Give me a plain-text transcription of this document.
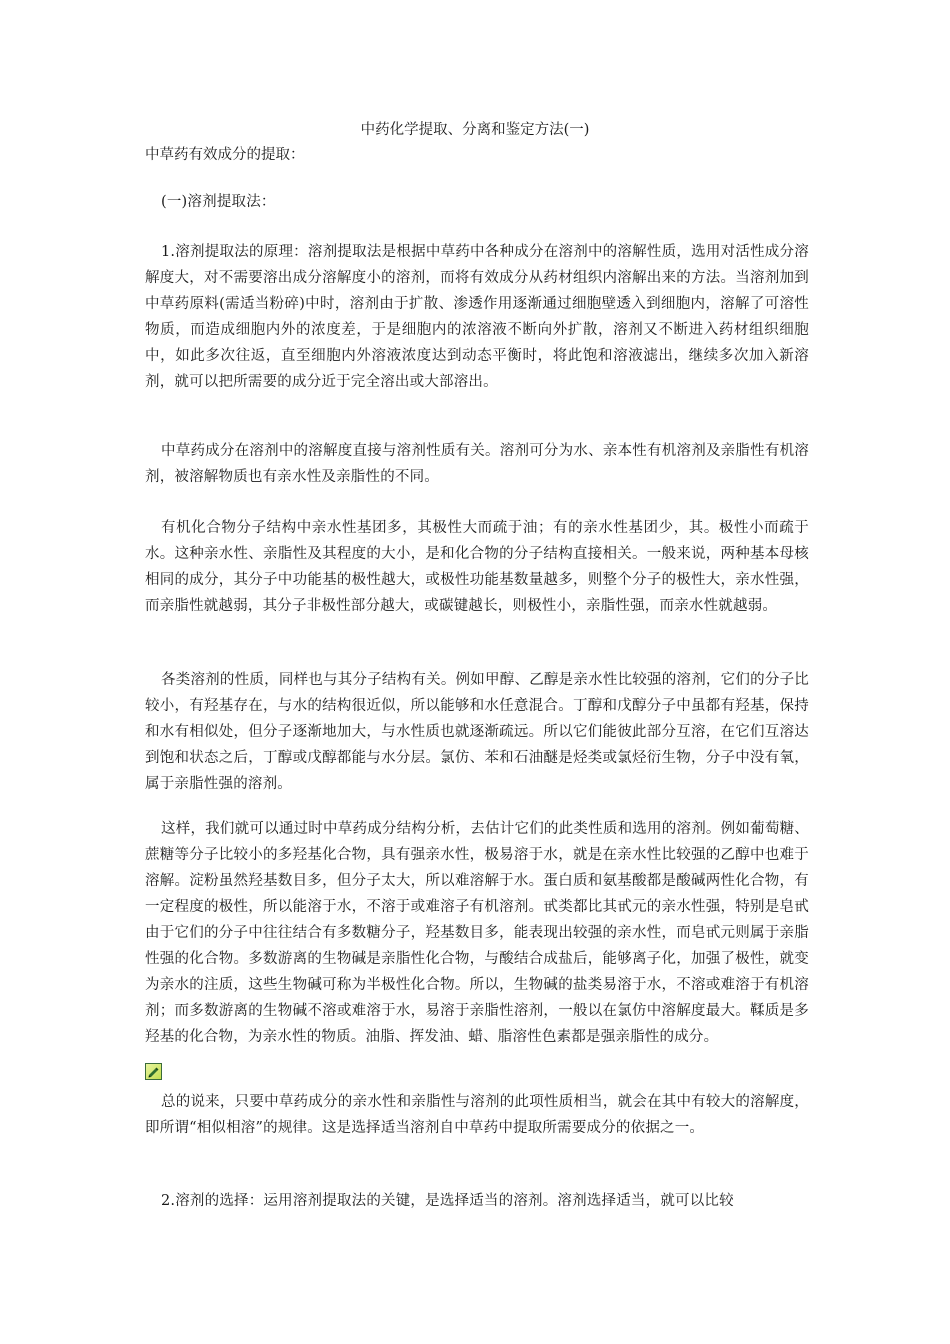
中药化学提取、分离和鉴定方法(一)
中草药有效成分的提取：

(一)溶剂提取法：

1.溶剂提取法的原理：溶剂提取法是根据中草药中各种成分在溶剂中的溶解性质，选用对活性成分溶解度大，对不需要溶出成分溶解度小的溶剂，而将有效成分从药材组织内溶解出来的方法。当溶剂加到中草药原料(需适当粉碎)中时，溶剂由于扩散、渗透作用逐渐通过细胞壁透入到细胞内，溶解了可溶性物质，而造成细胞内外的浓度差，于是细胞内的浓溶液不断向外扩散，溶剂又不断进入药材组织细胞中，如此多次往返，直至细胞内外溶液浓度达到动态平衡时，将此饱和溶液滤出，继续多次加入新溶剂，就可以把所需要的成分近于完全溶出或大部溶出。

中草药成分在溶剂中的溶解度直接与溶剂性质有关。溶剂可分为水、亲本性有机溶剂及亲脂性有机溶剂，被溶解物质也有亲水性及亲脂性的不同。

有机化合物分子结构中亲水性基团多，其极性大而疏于油；有的亲水性基团少，其。极性小而疏于水。这种亲水性、亲脂性及其程度的大小，是和化合物的分子结构直接相关。一般来说，两种基本母核相同的成分，其分子中功能基的极性越大，或极性功能基数量越多，则整个分子的极性大，亲水性强，而亲脂性就越弱，其分子非极性部分越大，或碳键越长，则极性小，亲脂性强，而亲水性就越弱。

各类溶剂的性质，同样也与其分子结构有关。例如甲醇、乙醇是亲水性比较强的溶剂，它们的分子比较小，有羟基存在，与水的结构很近似，所以能够和水任意混合。丁醇和戊醇分子中虽都有羟基，保持和水有相似处，但分子逐渐地加大，与水性质也就逐渐疏远。所以它们能彼此部分互溶，在它们互溶达到饱和状态之后，丁醇或戊醇都能与水分层。氯仿、苯和石油醚是烃类或氯烃衍生物，分子中没有氧，属于亲脂性强的溶剂。

这样，我们就可以通过时中草药成分结构分析，去估计它们的此类性质和选用的溶剂。例如葡萄糖、蔗糖等分子比较小的多羟基化合物，具有强亲水性，极易溶于水，就是在亲水性比较强的乙醇中也难于溶解。淀粉虽然羟基数目多，但分子太大，所以难溶解于水。蛋白质和氨基酸都是酸碱两性化合物，有一定程度的极性，所以能溶于水，不溶于或难溶子有机溶剂。甙类都比其甙元的亲水性强，特别是皂甙由于它们的分子中往往结合有多数糖分子，羟基数目多，能表现出较强的亲水性，而皂甙元则属于亲脂性强的化合物。多数游离的生物碱是亲脂性化合物，与酸结合成盐后，能够离子化，加强了极性，就变为亲水的注质，这些生物碱可称为半极性化合物。所以，生物碱的盐类易溶于水，不溶或难溶于有机溶剂；而多数游离的生物碱不溶或难溶于水，易溶于亲脂性溶剂，一般以在氯仿中溶解度最大。鞣质是多羟基的化合物，为亲水性的物质。油脂、挥发油、蜡、脂溶性色素都是强亲脂性的成分。

总的说来，只要中草药成分的亲水性和亲脂性与溶剂的此项性质相当，就会在其中有较大的溶解度，即所谓“相似相溶”的规律。这是选择适当溶剂自中草药中提取所需要成分的依据之一。

2.溶剂的选择：运用溶剂提取法的关键，是选择适当的溶剂。溶剂选择适当，就可以比较
